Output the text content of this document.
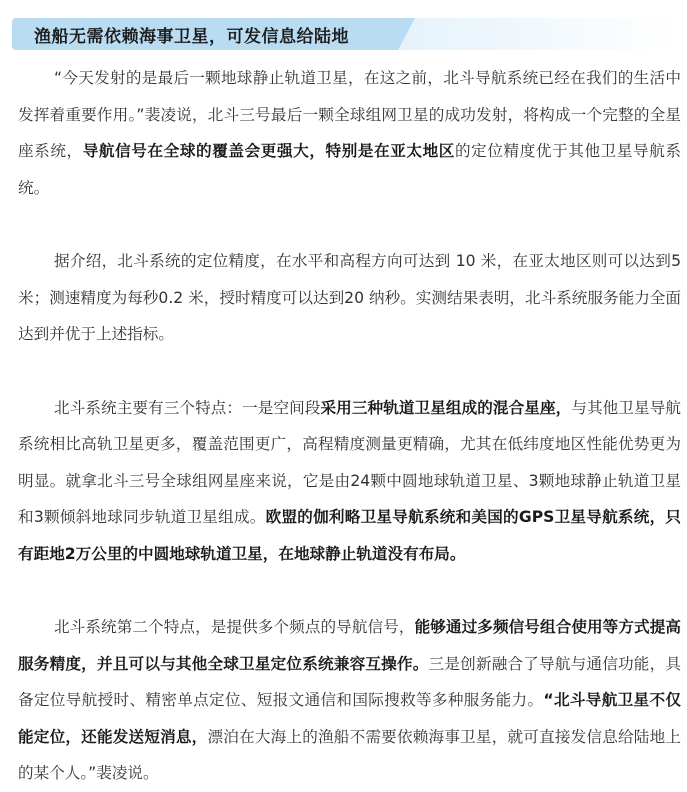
渔船无需依赖海事卫星，可发信息给陆地

“今天发射的是最后一颗地球静止轨道卫星，在这之前，北斗导航系统已经在我们的生活中发挥着重要作用。”裴凌说，北斗三号最后一颗全球组网卫星的成功发射，将构成一个完整的全星座系统，导航信号在全球的覆盖会更强大，特别是在亚太地区的定位精度优于其他卫星导航系统。

据介绍，北斗系统的定位精度，在水平和高程方向可达到 10 米，在亚太地区则可以达到5 米；测速精度为每秒0.2 米，授时精度可以达到20 纳秒。实测结果表明，北斗系统服务能力全面达到并优于上述指标。

北斗系统主要有三个特点：一是空间段采用三种轨道卫星组成的混合星座，与其他卫星导航系统相比高轨卫星更多，覆盖范围更广，高程精度测量更精确，尤其在低纬度地区性能优势更为明显。就拿北斗三号全球组网星座来说，它是由24颗中圆地球轨道卫星、3颗地球静止轨道卫星和3颗倾斜地球同步轨道卫星组成。欧盟的伽利略卫星导航系统和美国的GPS卫星导航系统，只有距地2万公里的中圆地球轨道卫星，在地球静止轨道没有布局。

北斗系统第二个特点，是提供多个频点的导航信号，能够通过多频信号组合使用等方式提高服务精度，并且可以与其他全球卫星定位系统兼容互操作。三是创新融合了导航与通信功能，具备定位导航授时、精密单点定位、短报文通信和国际搜救等多种服务能力。“北斗导航卫星不仅能定位，还能发送短消息，漂泊在大海上的渔船不需要依赖海事卫星，就可直接发信息给陆地上的某个人。”裴凌说。
